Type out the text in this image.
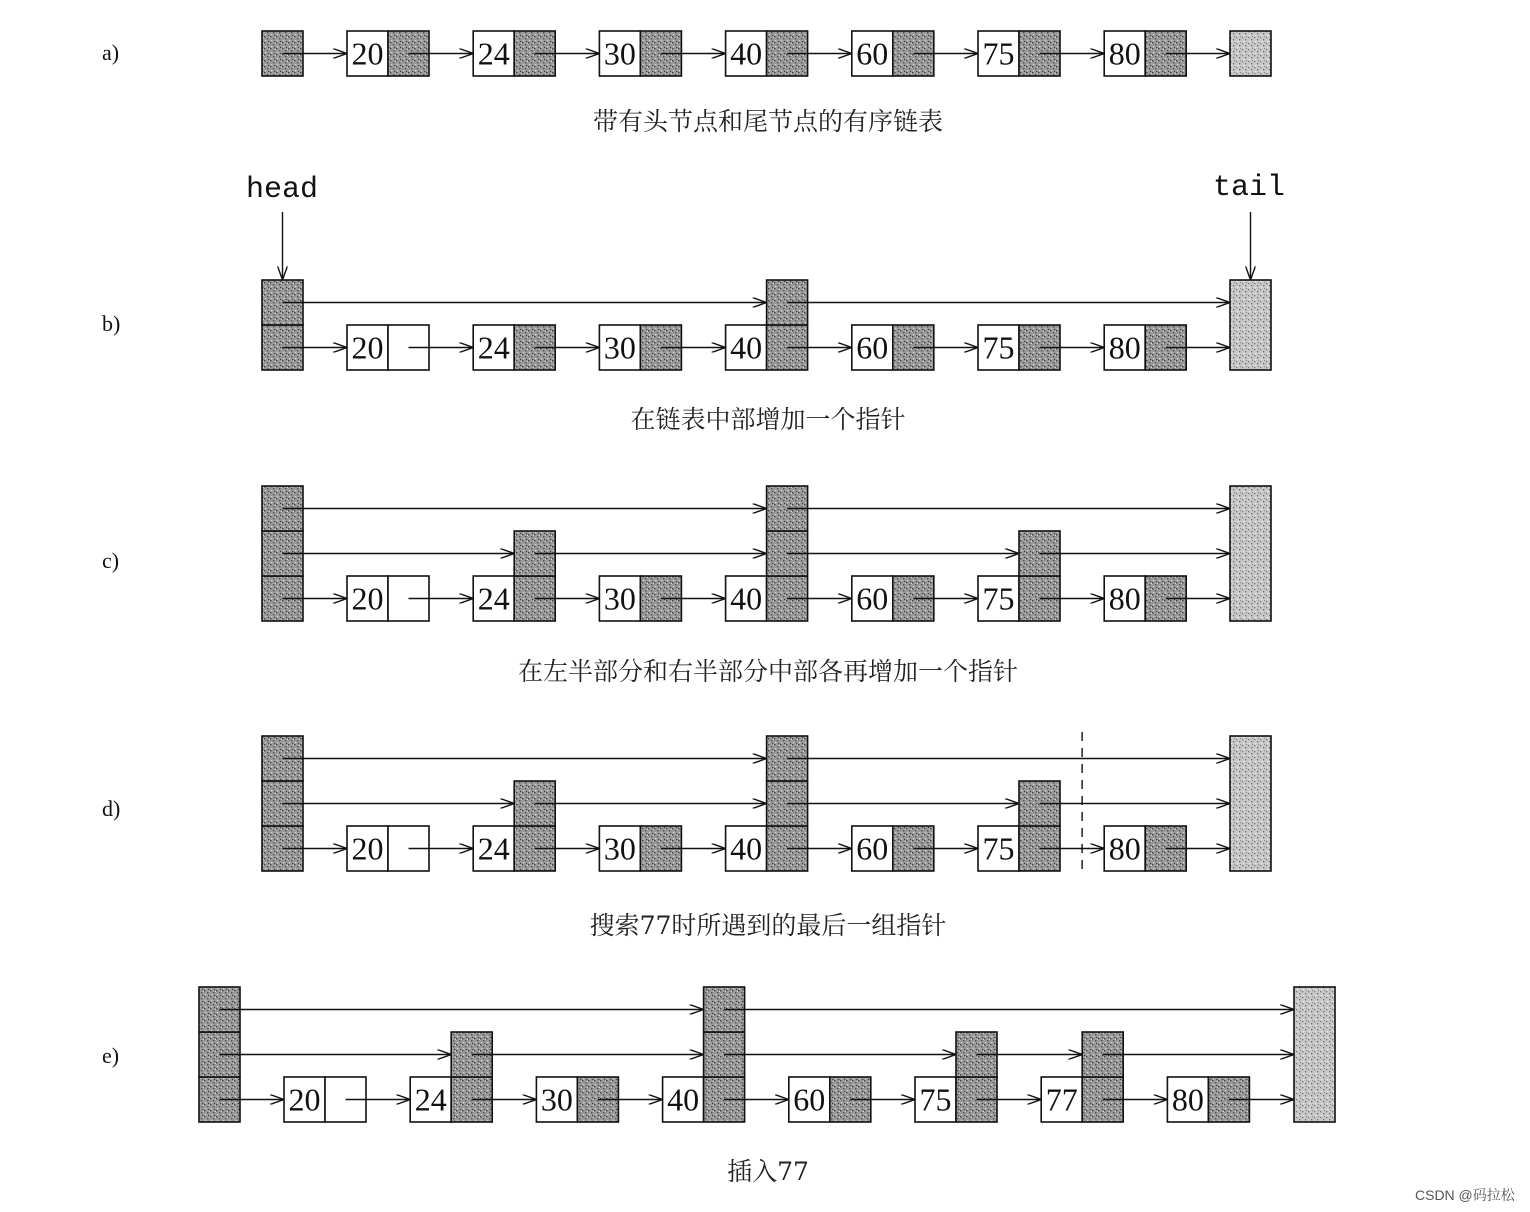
a)
带有头节点和尾节点的有序链表
20	24	30	40	60	75	80
b)
在链表中部增加一个指针
20	24	30	40	60	75	80
head	tail
c)
在左半部分和右半部分中部各再增加一个指针
20	24	30	40	60	75	80
d)
搜索77时所遇到的最后一组指针
20	24	30	40	60	75	80
e)
插入77
20	24	30	40	60	75	77	80
CSDN @码拉松
